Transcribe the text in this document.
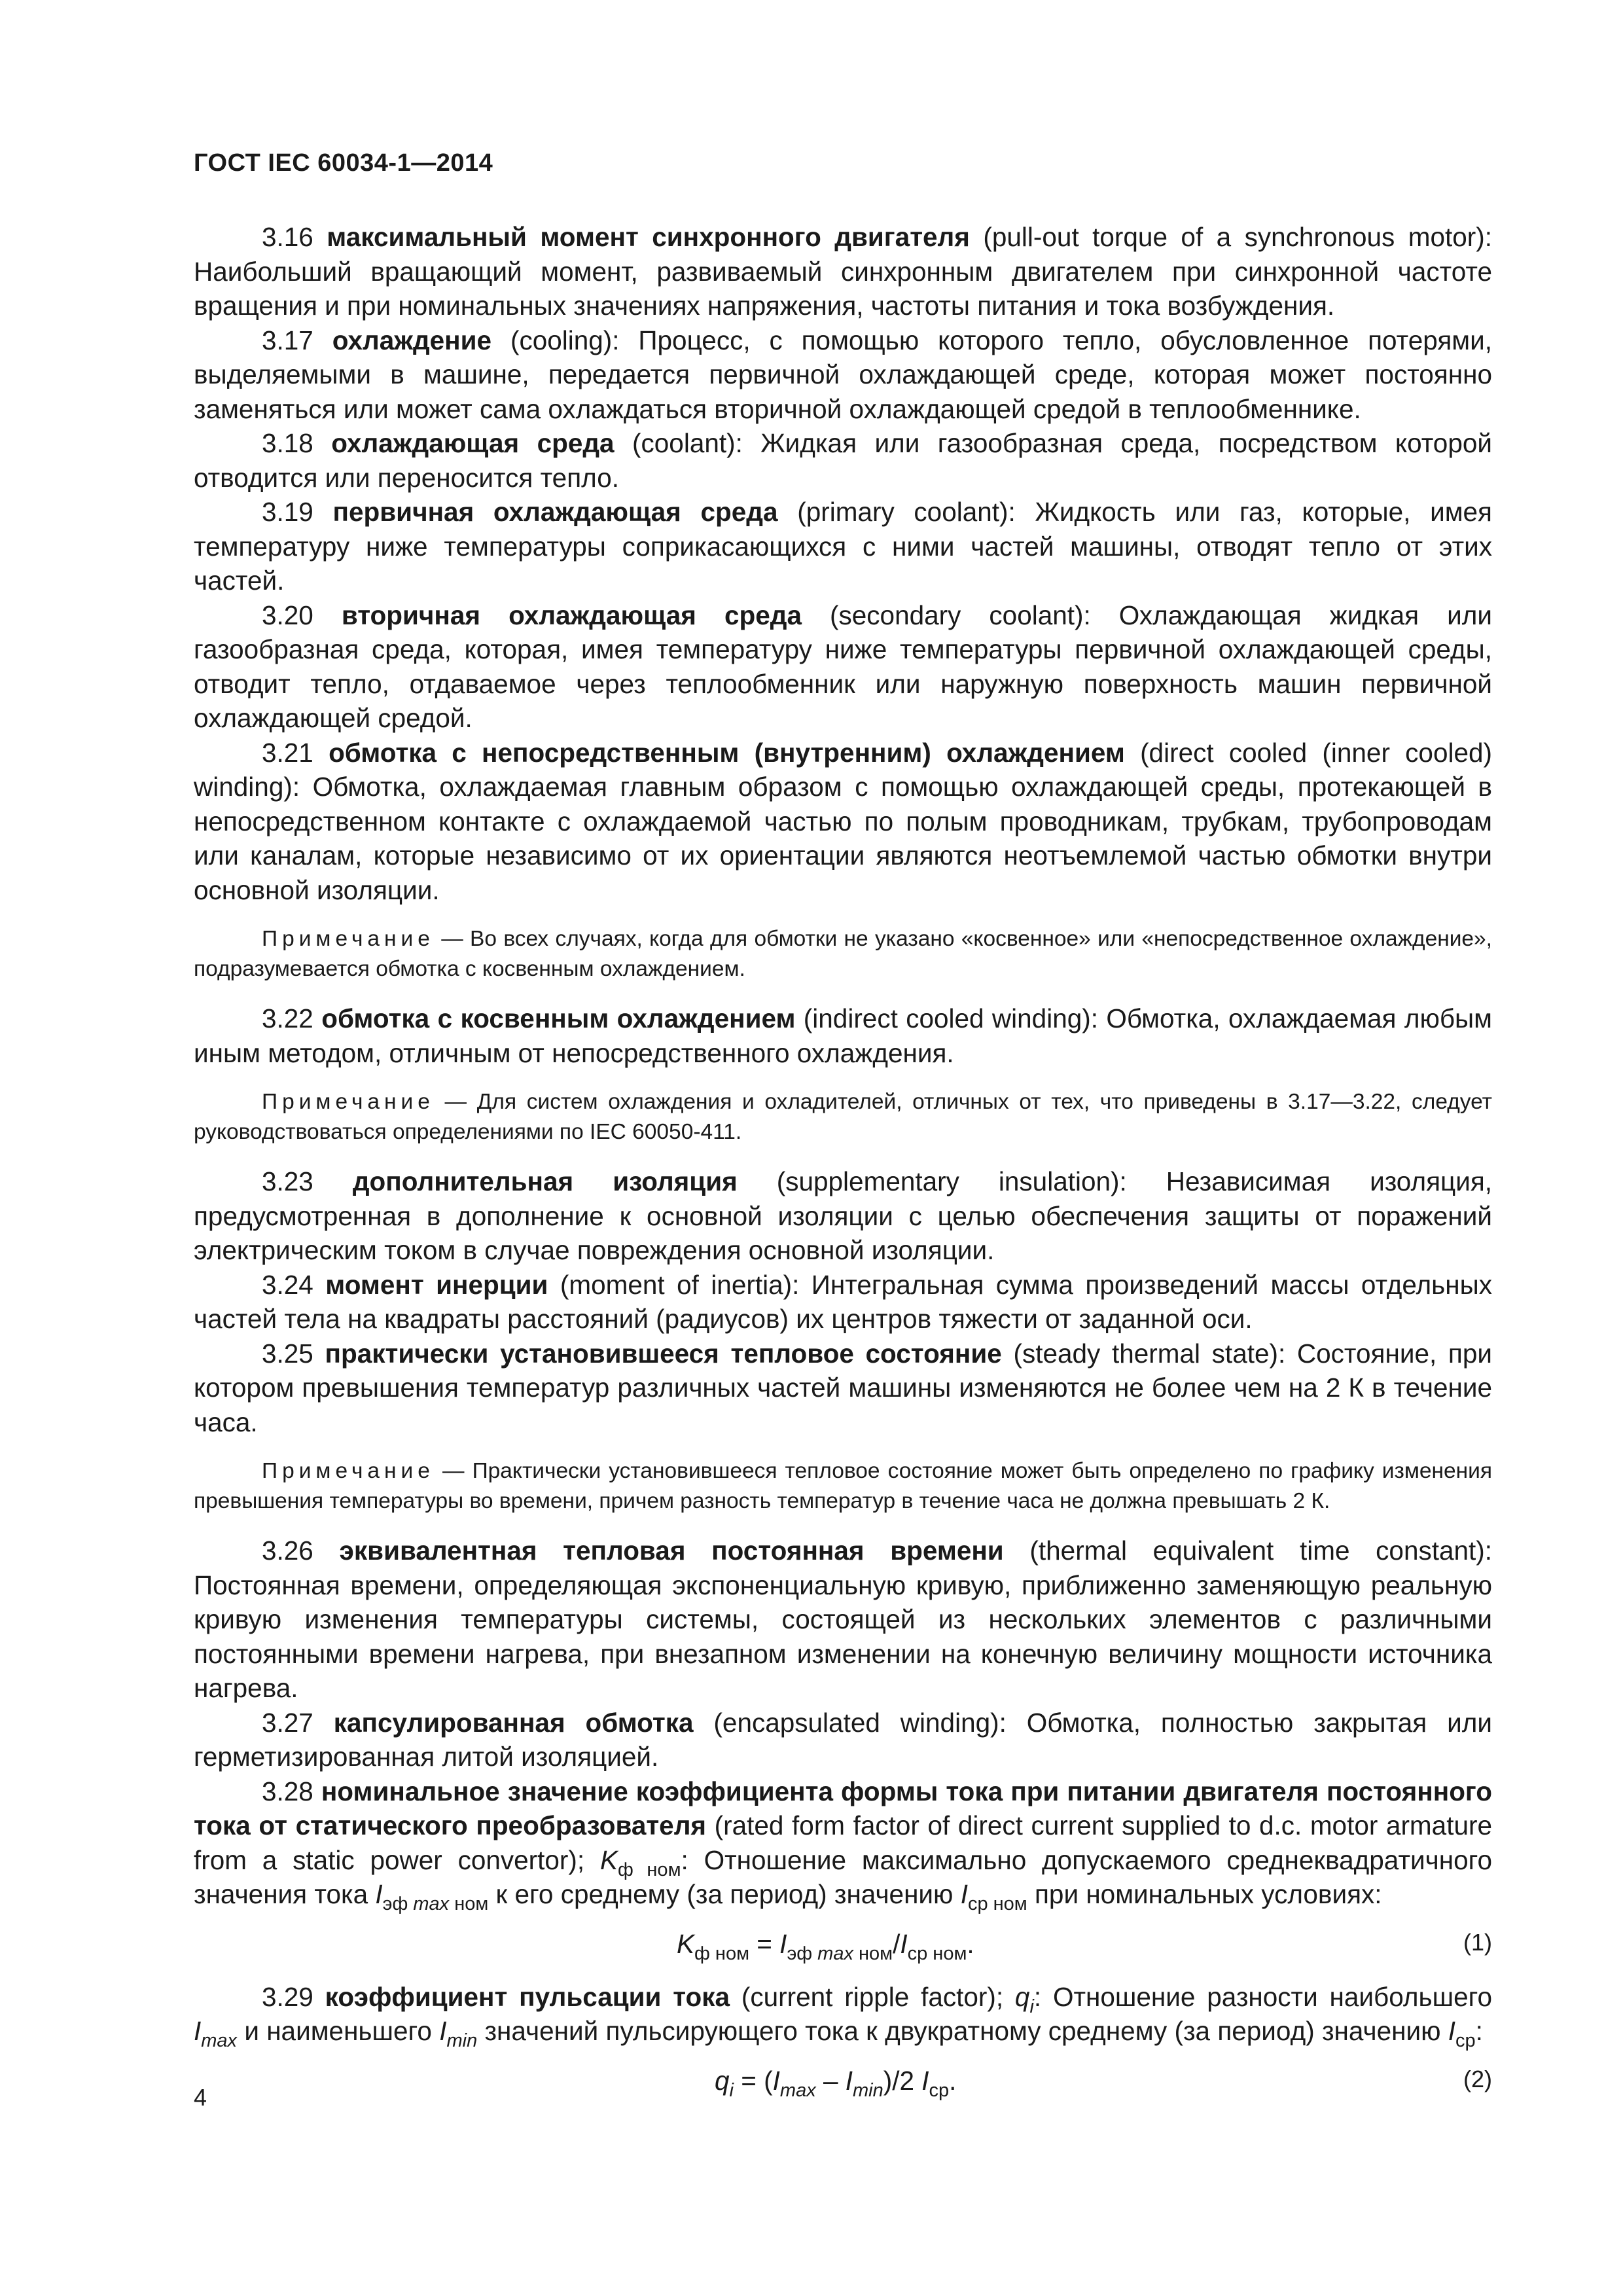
ГОСТ IEC 60034-1—2014

3.16 максимальный момент синхронного двигателя (pull-out torque of a synchronous motor): Наибольший вращающий момент, развиваемый синхронным двигателем при синхронной частоте вращения и при номинальных значениях напряжения, частоты питания и тока возбуждения.

3.17 охлаждение (cooling): Процесс, с помощью которого тепло, обусловленное потерями, выделяемыми в машине, передается первичной охлаждающей среде, которая может постоянно заменяться или может сама охлаждаться вторичной охлаждающей средой в теплообменнике.

3.18 охлаждающая среда (coolant): Жидкая или газообразная среда, посредством которой отводится или переносится тепло.

3.19 первичная охлаждающая среда (primary coolant): Жидкость или газ, которые, имея температуру ниже температуры соприкасающихся с ними частей машины, отводят тепло от этих частей.

3.20 вторичная охлаждающая среда (secondary coolant): Охлаждающая жидкая или газообразная среда, которая, имея температуру ниже температуры первичной охлаждающей среды, отводит тепло, отдаваемое через теплообменник или наружную поверхность машин первичной охлаждающей средой.

3.21 обмотка с непосредственным (внутренним) охлаждением (direct cooled (inner cooled) winding): Обмотка, охлаждаемая главным образом с помощью охлаждающей среды, протекающей в непосредственном контакте с охлаждаемой частью по полым проводникам, трубкам, трубопроводам или каналам, которые независимо от их ориентации являются неотъемлемой частью обмотки внутри основной изоляции.

Примечание — Во всех случаях, когда для обмотки не указано «косвенное» или «непосредственное охлаждение», подразумевается обмотка с косвенным охлаждением.

3.22 обмотка с косвенным охлаждением (indirect cooled winding): Обмотка, охлаждаемая любым иным методом, отличным от непосредственного охлаждения.

Примечание — Для систем охлаждения и охладителей, отличных от тех, что приведены в 3.17—3.22, следует руководствоваться определениями по IEC 60050-411.

3.23 дополнительная изоляция (supplementary insulation): Независимая изоляция, предусмотренная в дополнение к основной изоляции с целью обеспечения защиты от поражений электрическим током в случае повреждения основной изоляции.

3.24 момент инерции (moment of inertia): Интегральная сумма произведений массы отдельных частей тела на квадраты расстояний (радиусов) их центров тяжести от заданной оси.

3.25 практически установившееся тепловое состояние (steady thermal state): Состояние, при котором превышения температур различных частей машины изменяются не более чем на 2 К в течение часа.

Примечание — Практически установившееся тепловое состояние может быть определено по графику изменения превышения температуры во времени, причем разность температур в течение часа не должна превышать 2 К.

3.26 эквивалентная тепловая постоянная времени (thermal equivalent time constant): Постоянная времени, определяющая экспоненциальную кривую, приближенно заменяющую реальную кривую изменения температуры системы, состоящей из нескольких элементов с различными постоянными времени нагрева, при внезапном изменении на конечную величину мощности источника нагрева.

3.27 капсулированная обмотка (encapsulated winding): Обмотка, полностью закрытая или герметизированная литой изоляцией.

3.28 номинальное значение коэффициента формы тока при питании двигателя постоянного тока от статического преобразователя (rated form factor of direct current supplied to d.c. motor armature from a static power convertor); $K_{ф ном}$: Отношение максимально допускаемого среднеквадратичного значения тока $I_{эф max ном}$ к его среднему (за период) значению $I_{ср ном}$ при номинальных условиях:

$K_{ф ном} = I_{эф max ном}/I_{ср ном}$.	(1)

3.29 коэффициент пульсации тока (current ripple factor); $q_i$: Отношение разности наибольшего $I_{max}$ и наименьшего $I_{min}$ значений пульсирующего тока к двукратному среднему (за период) значению $I_{ср}$:

$q_i = (I_{max} - I_{min})/2$ $I_{ср}$.	(2)
4
